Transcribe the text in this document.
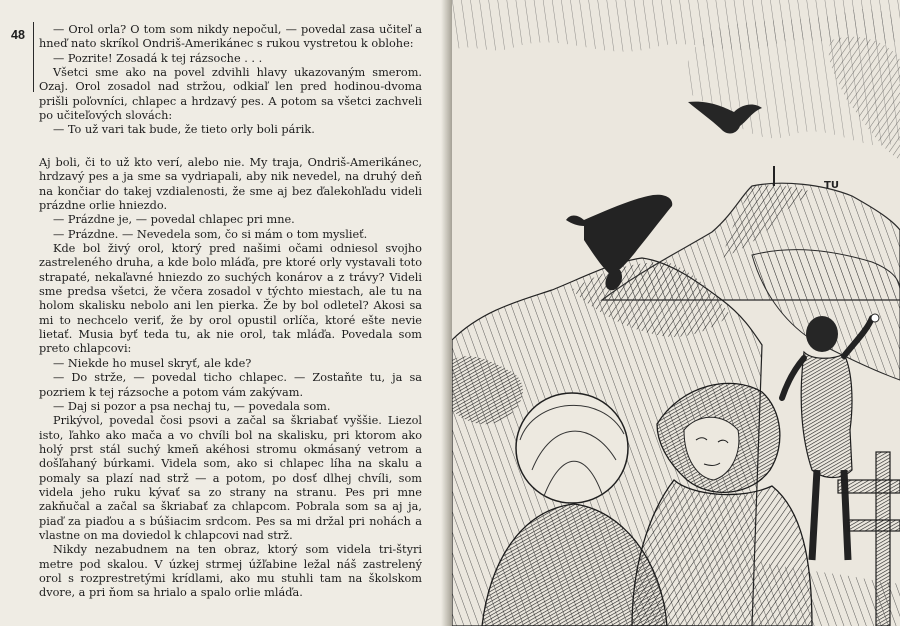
48	— Orol orla? O tom som nikdy nepočul, — povedal zasa učiteľ a hneď nato skríkol Ondriš-Amerikánec s rukou vystretou k oblohe:

— Pozrite! Zosadá k tej rázsoche . . .

Všetci sme ako na povel zdvihli hlavy ukazovaným smerom. Ozaj. Orol zosadol nad stržou, odkiaľ len pred hodinou-dvoma prišli poľovníci, chlapec a hrdzavý pes. A potom sa všetci zachveli po učiteľových slovách:

— To už vari tak bude, že tieto orly boli párik.

Aj boli, či to už kto verí, alebo nie. My traja, Ondriš-Amerikánec, hrdzavý pes a ja sme sa vydriapali, aby nik nevedel, na druhý deň na končiar do takej vzdialenosti, že sme aj bez ďalekohľadu videli prázdne orlie hniezdo.

— Prázdne je, — povedal chlapec pri mne.

— Prázdne. — Nevedela som, čo si mám o tom myslieť.

Kde bol živý orol, ktorý pred našimi očami odniesol svojho zastreleného druha, a kde bolo mláďa, pre ktoré orly vystavali toto strapaté, nekaľavné hniezdo zo suchých konárov a z trávy? Videli sme predsa všetci, že včera zosadol v týchto miestach, ale tu na holom skalisku nebolo ani len pierka. Že by bol odletel? Akosi sa mi to nechcelo veriť, že by orol opustil orlíča, ktoré ešte nevie lietať. Musia byť teda tu, ak nie orol, tak mláďa. Povedala som preto chlapcovi:

— Niekde ho musel skryť, ale kde?

— Do strže, — povedal tichо chlapec. — Zostaňte tu, ja sa pozriem k tej rázsoche a potom vám zakývam.

— Daj si pozor a psa nechaj tu, — povedala som.

Prikývol, povedal čosi psovi a začal sa škriabať vyššie. Liezol isto, ľahko ako mača a vo chvíli bol na skalisku, pri ktorom ako holý prst stál suchý kmeň akéhosi stromu okmásaný vetrom a došľahaný búrkami. Videla som, ako si chlapec líha na skalu a pomaly sa plazí nad strž — a potom, po dosť dlhej chvíli, som videla jeho ruku kývať sa zo strany na stranu. Pes pri mne zakňučal a začal sa škriabať za chlapcom. Pobrala som sa aj ja, piaď za piaďou a s búšiacim srdcom. Pes sa mi držal pri nohách a vlastne on ma doviedol k chlapcovi nad strž.

Nikdy nezabudnem na ten obraz, ktorý som videla tri-štyri metre pod skalou. V úzkej strmej úžľabine ležal náš zastrelený orol s rozprestretými krídlami, ako mu stuhli tam na školskom dvore, a pri ňom sa hrialo a spalo orlie mláďa.

TU
